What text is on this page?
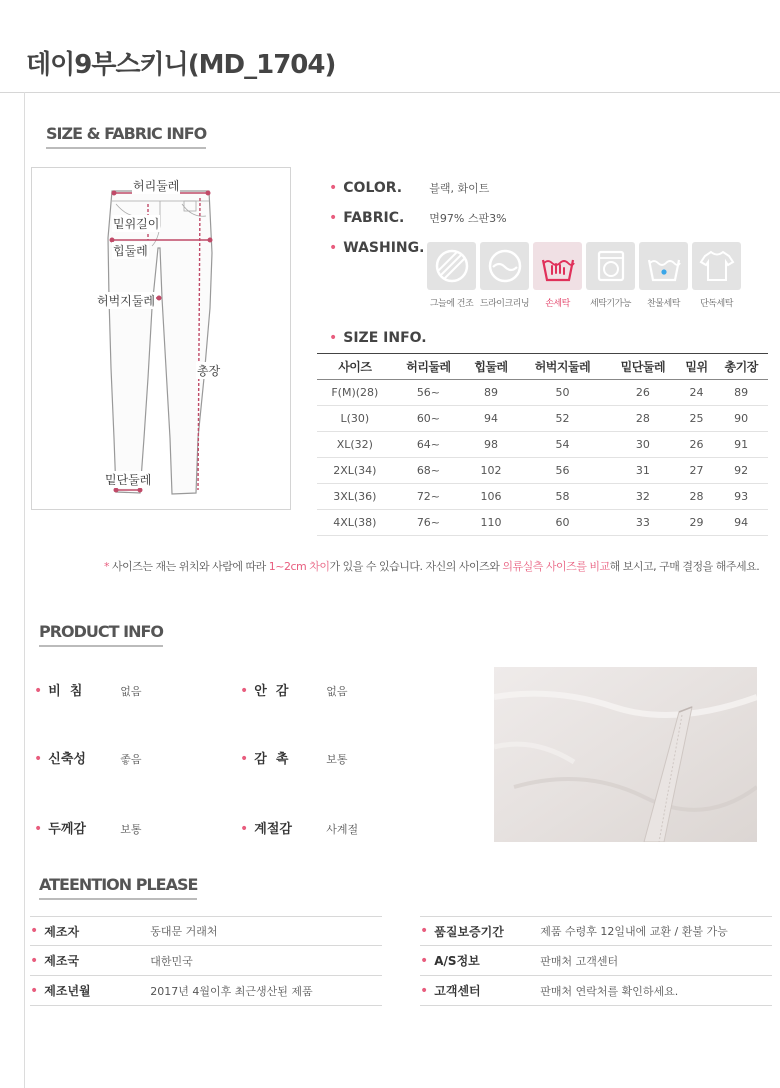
데이9부스키니(MD_1704)
SIZE & FABRIC INFO
허리둘레
밑위길이
힙둘레
허벅지둘레
총장
밑단둘레
• COLOR.	블랙, 화이트
• FABRIC.	면97% 스판3%
• WASHING.
그늘에 건조 드라이크리닝 손세탁 세탁기가능 찬물세탁 단독세탁
• SIZE INFO.
사이즈	허리둘레	힙둘레	허벅지둘레	밑단둘레	밑위	총기장
F(M)(28)	56~	89	50	26	24	89
L(30)	60~	94	52	28	25	90
XL(32)	64~	98	54	30	26	91
2XL(34)	68~	102	56	31	27	92
3XL(36)	72~	106	58	32	28	93
4XL(38)	76~	110	60	33	29	94
* 사이즈는 재는 위치와 사람에 따라 1~2cm 차이가 있을 수 있습니다. 자신의 사이즈와 의류실측 사이즈를 비교해 보시고, 구매 결정을 해주세요.
PRODUCT INFO
• 비  침	없음	• 안  감	없음
• 신축성	좋음	• 감  촉	보통
• 두께감	보통	• 계절감	사계절
ATEENTION PLEASE
• 제조자	동대문 거래처
• 제조국	대한민국
• 제조년월	2017년 4월이후 최근생산된 제품
• 품질보증기간	제품 수령후 12일내에 교환 / 환불 가능
• A/S정보	판매처 고객센터
• 고객센터	판매처 연락처를 확인하세요.
